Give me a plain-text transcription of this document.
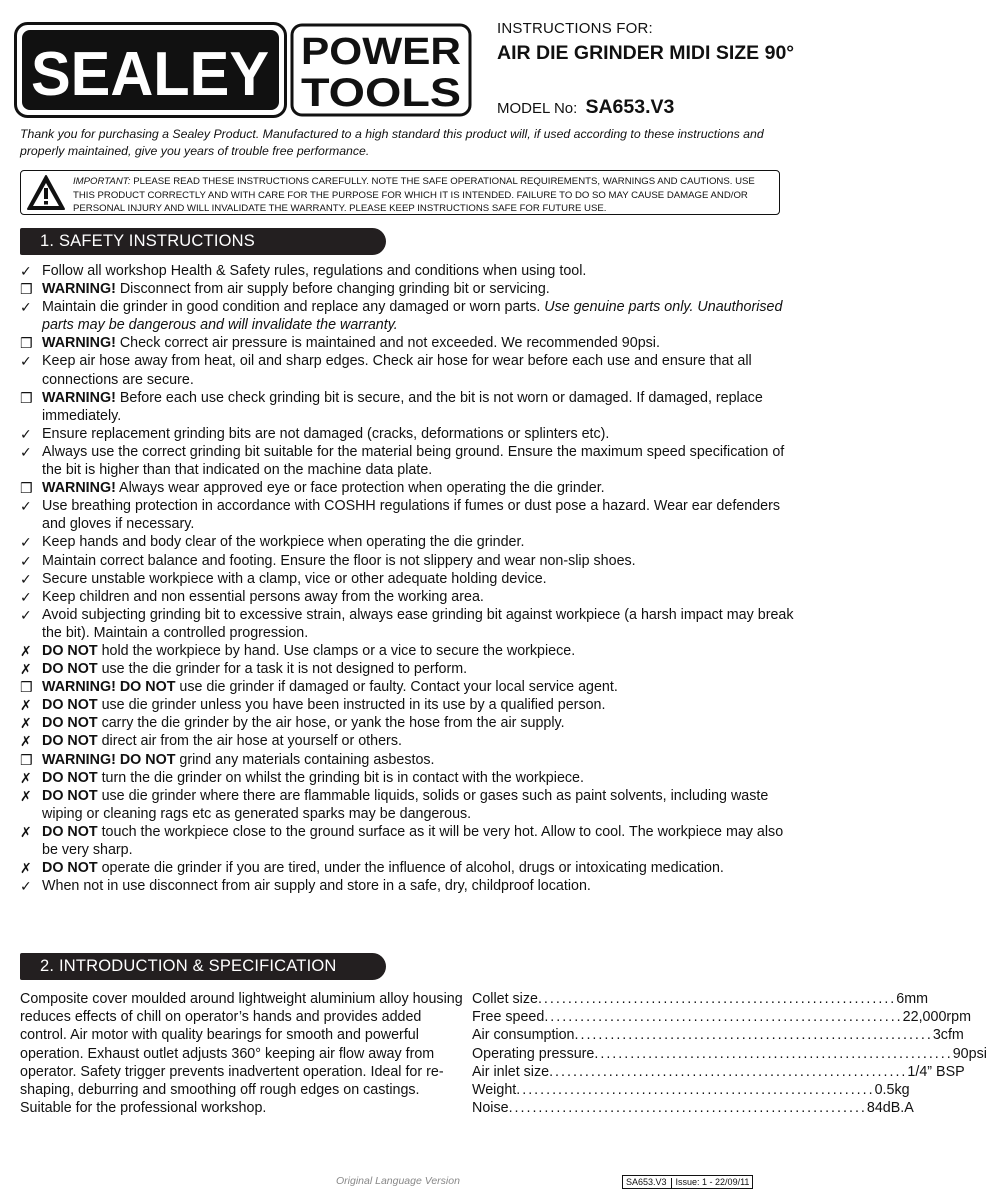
SEALEY POWER
TOOLS
INSTRUCTIONS FOR:
AIR DIE GRINDER MIDI SIZE 90°
MODEL No: SA653.V3
Thank you for purchasing a Sealey Product. Manufactured to a high standard this product will, if used according to these instructions and properly maintained, give you years of trouble free performance.
IMPORTANT: PLEASE READ THESE INSTRUCTIONS CAREFULLY. NOTE THE SAFE OPERATIONAL REQUIREMENTS, WARNINGS AND CAUTIONS. USE THIS PRODUCT CORRECTLY AND WITH CARE FOR THE PURPOSE FOR WHICH IT IS INTENDED. FAILURE TO DO SO MAY CAUSE DAMAGE AND/OR PERSONAL INJURY AND WILL INVALIDATE THE WARRANTY. PLEASE KEEP INSTRUCTIONS SAFE FOR FUTURE USE.
1. SAFETY INSTRUCTIONS
✓ Follow all workshop Health & Safety rules, regulations and conditions when using tool.
❒ WARNING! Disconnect from air supply before changing grinding bit or servicing.
✓ Maintain die grinder in good condition and replace any damaged or worn parts. Use genuine parts only. Unauthorised parts may be dangerous and will invalidate the warranty.
❒ WARNING! Check correct air pressure is maintained and not exceeded. We recommended 90psi.
✓ Keep air hose away from heat, oil and sharp edges. Check air hose for wear before each use and ensure that all connections are secure.
❒ WARNING! Before each use check grinding bit is secure, and the bit is not worn or damaged. If damaged, replace immediately.
✓ Ensure replacement grinding bits are not damaged (cracks, deformations or splinters etc).
✓ Always use the correct grinding bit suitable for the material being ground. Ensure the maximum speed specification of the bit is higher than that indicated on the machine data plate.
❒ WARNING! Always wear approved eye or face protection when operating the die grinder.
✓ Use breathing protection in accordance with COSHH regulations if fumes or dust pose a hazard. Wear ear defenders and gloves if necessary.
✓ Keep hands and body clear of the workpiece when operating the die grinder.
✓ Maintain correct balance and footing. Ensure the floor is not slippery and wear non-slip shoes.
✓ Secure unstable workpiece with a clamp, vice or other adequate holding device.
✓ Keep children and non essential persons away from the working area.
✓ Avoid subjecting grinding bit to excessive strain, always ease grinding bit against workpiece (a harsh impact may break the bit). Maintain a controlled progression.
✗ DO NOT hold the workpiece by hand. Use clamps or a vice to secure the workpiece.
✗ DO NOT use the die grinder for a task it is not designed to perform.
❒ WARNING! DO NOT use die grinder if damaged or faulty. Contact your local service agent.
✗ DO NOT use die grinder unless you have been instructed in its use by a qualified person.
✗ DO NOT carry the die grinder by the air hose, or yank the hose from the air supply.
✗ DO NOT direct air from the air hose at yourself or others.
❒ WARNING! DO NOT grind any materials containing asbestos.
✗ DO NOT turn the die grinder on whilst the grinding bit is in contact with the workpiece.
✗ DO NOT use die grinder where there are flammable liquids, solids or gases such as paint solvents, including waste wiping or cleaning rags etc as generated sparks may be dangerous.
✗ DO NOT touch the workpiece close to the ground surface as it will be very hot. Allow to cool. The workpiece may also be very sharp.
✗ DO NOT operate die grinder if you are tired, under the influence of alcohol, drugs or intoxicating medication.
✓ When not in use disconnect from air supply and store in a safe, dry, childproof location.
2. INTRODUCTION & SPECIFICATION
Composite cover moulded around lightweight aluminium alloy housing reduces effects of chill on operator’s hands and provides added control. Air motor with quality bearings for smooth and powerful operation. Exhaust outlet adjusts 360° keeping air flow away from operator. Safety trigger prevents inadvertent operation. Ideal for re-shaping, deburring and smoothing off rough edges on castings. Suitable for the professional workshop.
Collet size ............................................................ 6mm
Free speed ............................................................ 22,000rpm
Air consumption ............................................................ 3cfm
Operating pressure ............................................................ 90psi
Air inlet size ............................................................ 1/4” BSP
Weight ............................................................ 0.5kg
Noise ............................................................ 84dB.A
Original Language Version	SA653.V3 Issue: 1 - 22/09/11
